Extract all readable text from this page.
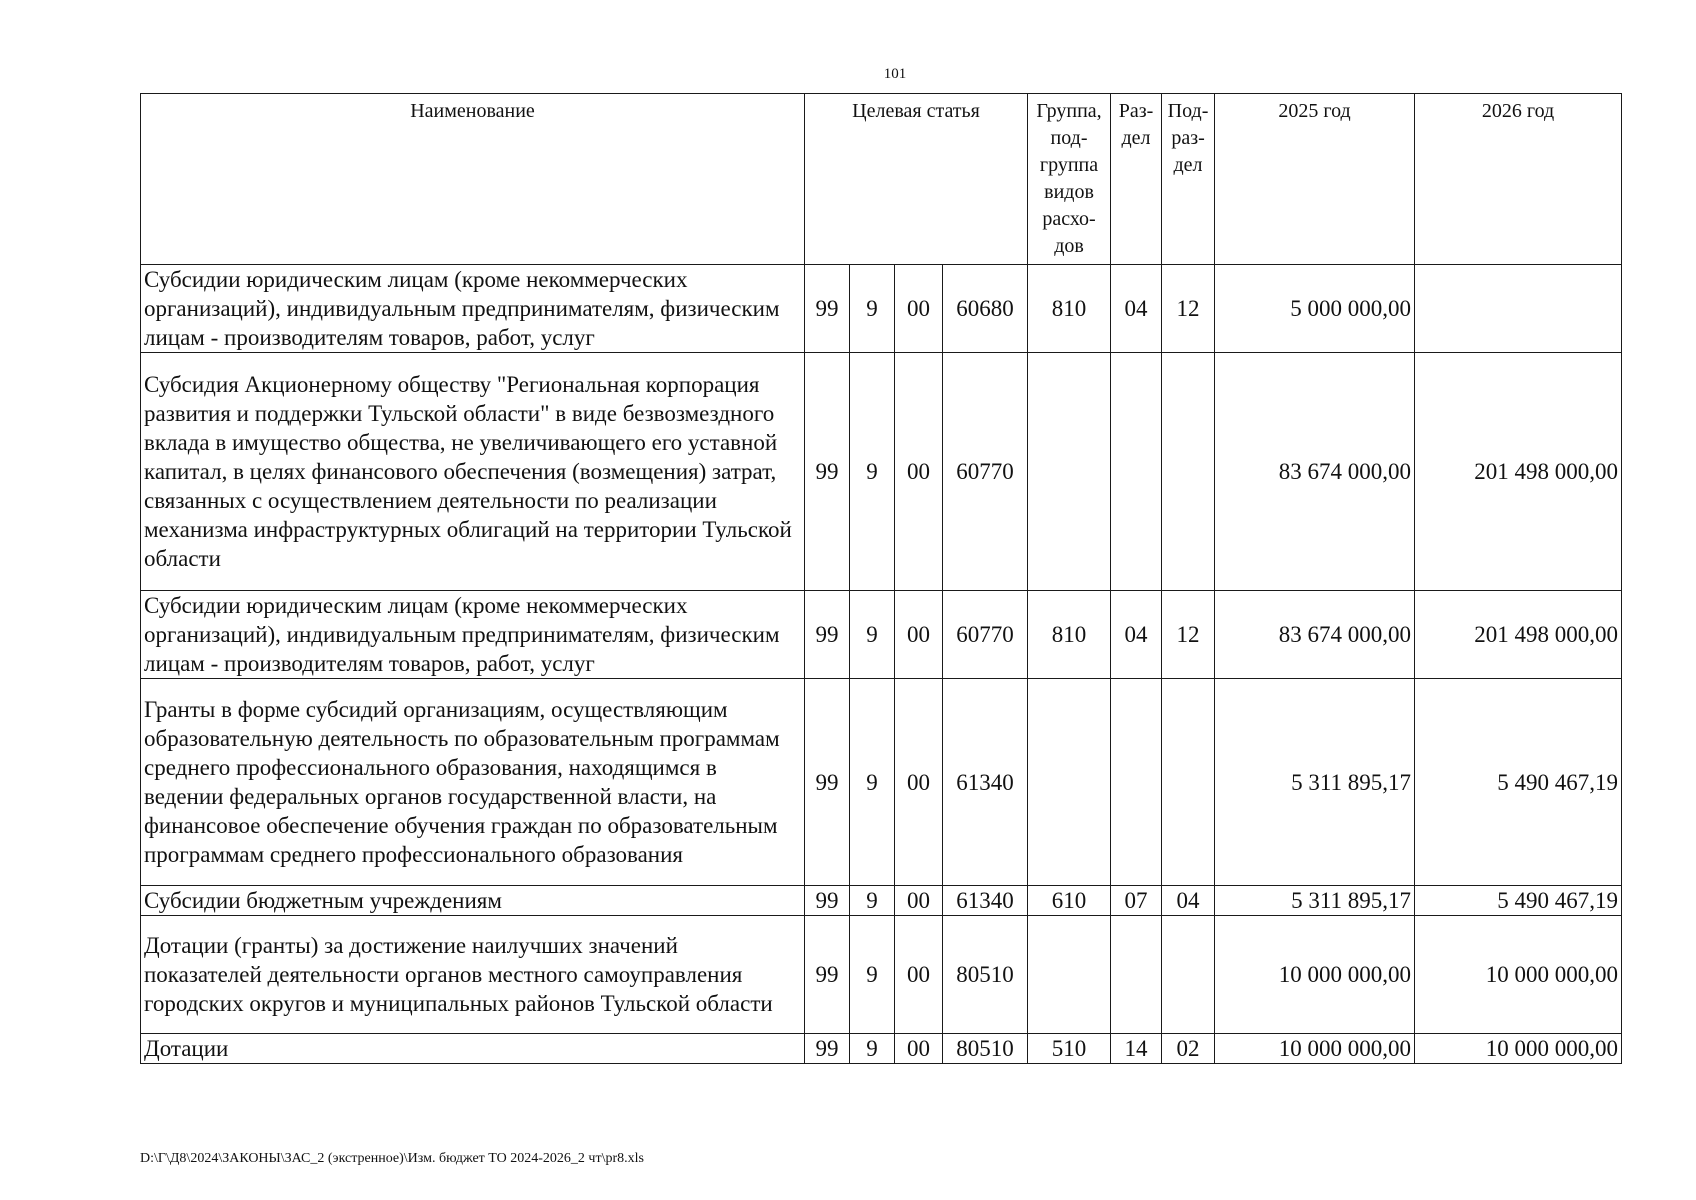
101
Наименование	Целевая статья				Группа, под-группа видов расхо-дов	Раз-дел	Под-раз-дел	2025 год	2026 год
Субсидии юридическим лицам (кроме некоммерческих организаций), индивидуальным предпринимателям, физическим лицам - производителям товаров, работ, услуг	99	9	00	60680	810	04	12	5 000 000,00	
Субсидия Акционерному обществу "Региональная корпорация развития и поддержки Тульской области" в виде безвозмездного вклада в имущество общества, не увеличивающего его уставной капитал, в целях финансового обеспечения (возмещения) затрат, связанных с осуществлением деятельности по реализации механизма инфраструктурных облигаций на территории Тульской области	99	9	00	60770				83 674 000,00	201 498 000,00
Субсидии юридическим лицам (кроме некоммерческих организаций), индивидуальным предпринимателям, физическим лицам - производителям товаров, работ, услуг	99	9	00	60770	810	04	12	83 674 000,00	201 498 000,00
Гранты в форме субсидий организациям, осуществляющим образовательную деятельность по образовательным программам среднего профессионального образования, находящимся в ведении федеральных органов государственной власти, на финансовое обеспечение обучения граждан по образовательным программам среднего профессионального образования	99	9	00	61340				5 311 895,17	5 490 467,19
Субсидии бюджетным учреждениям	99	9	00	61340	610	07	04	5 311 895,17	5 490 467,19
Дотации (гранты) за достижение наилучших значений показателей деятельности органов местного самоуправления городских округов и муниципальных районов Тульской области	99	9	00	80510				10 000 000,00	10 000 000,00
Дотации	99	9	00	80510	510	14	02	10 000 000,00	10 000 000,00
D:\Г\Д8\2024\ЗАКОНЫ\ЗАС_2 (экстренное)\Изм. бюджет ТО 2024-2026_2 чт\pr8.xls
